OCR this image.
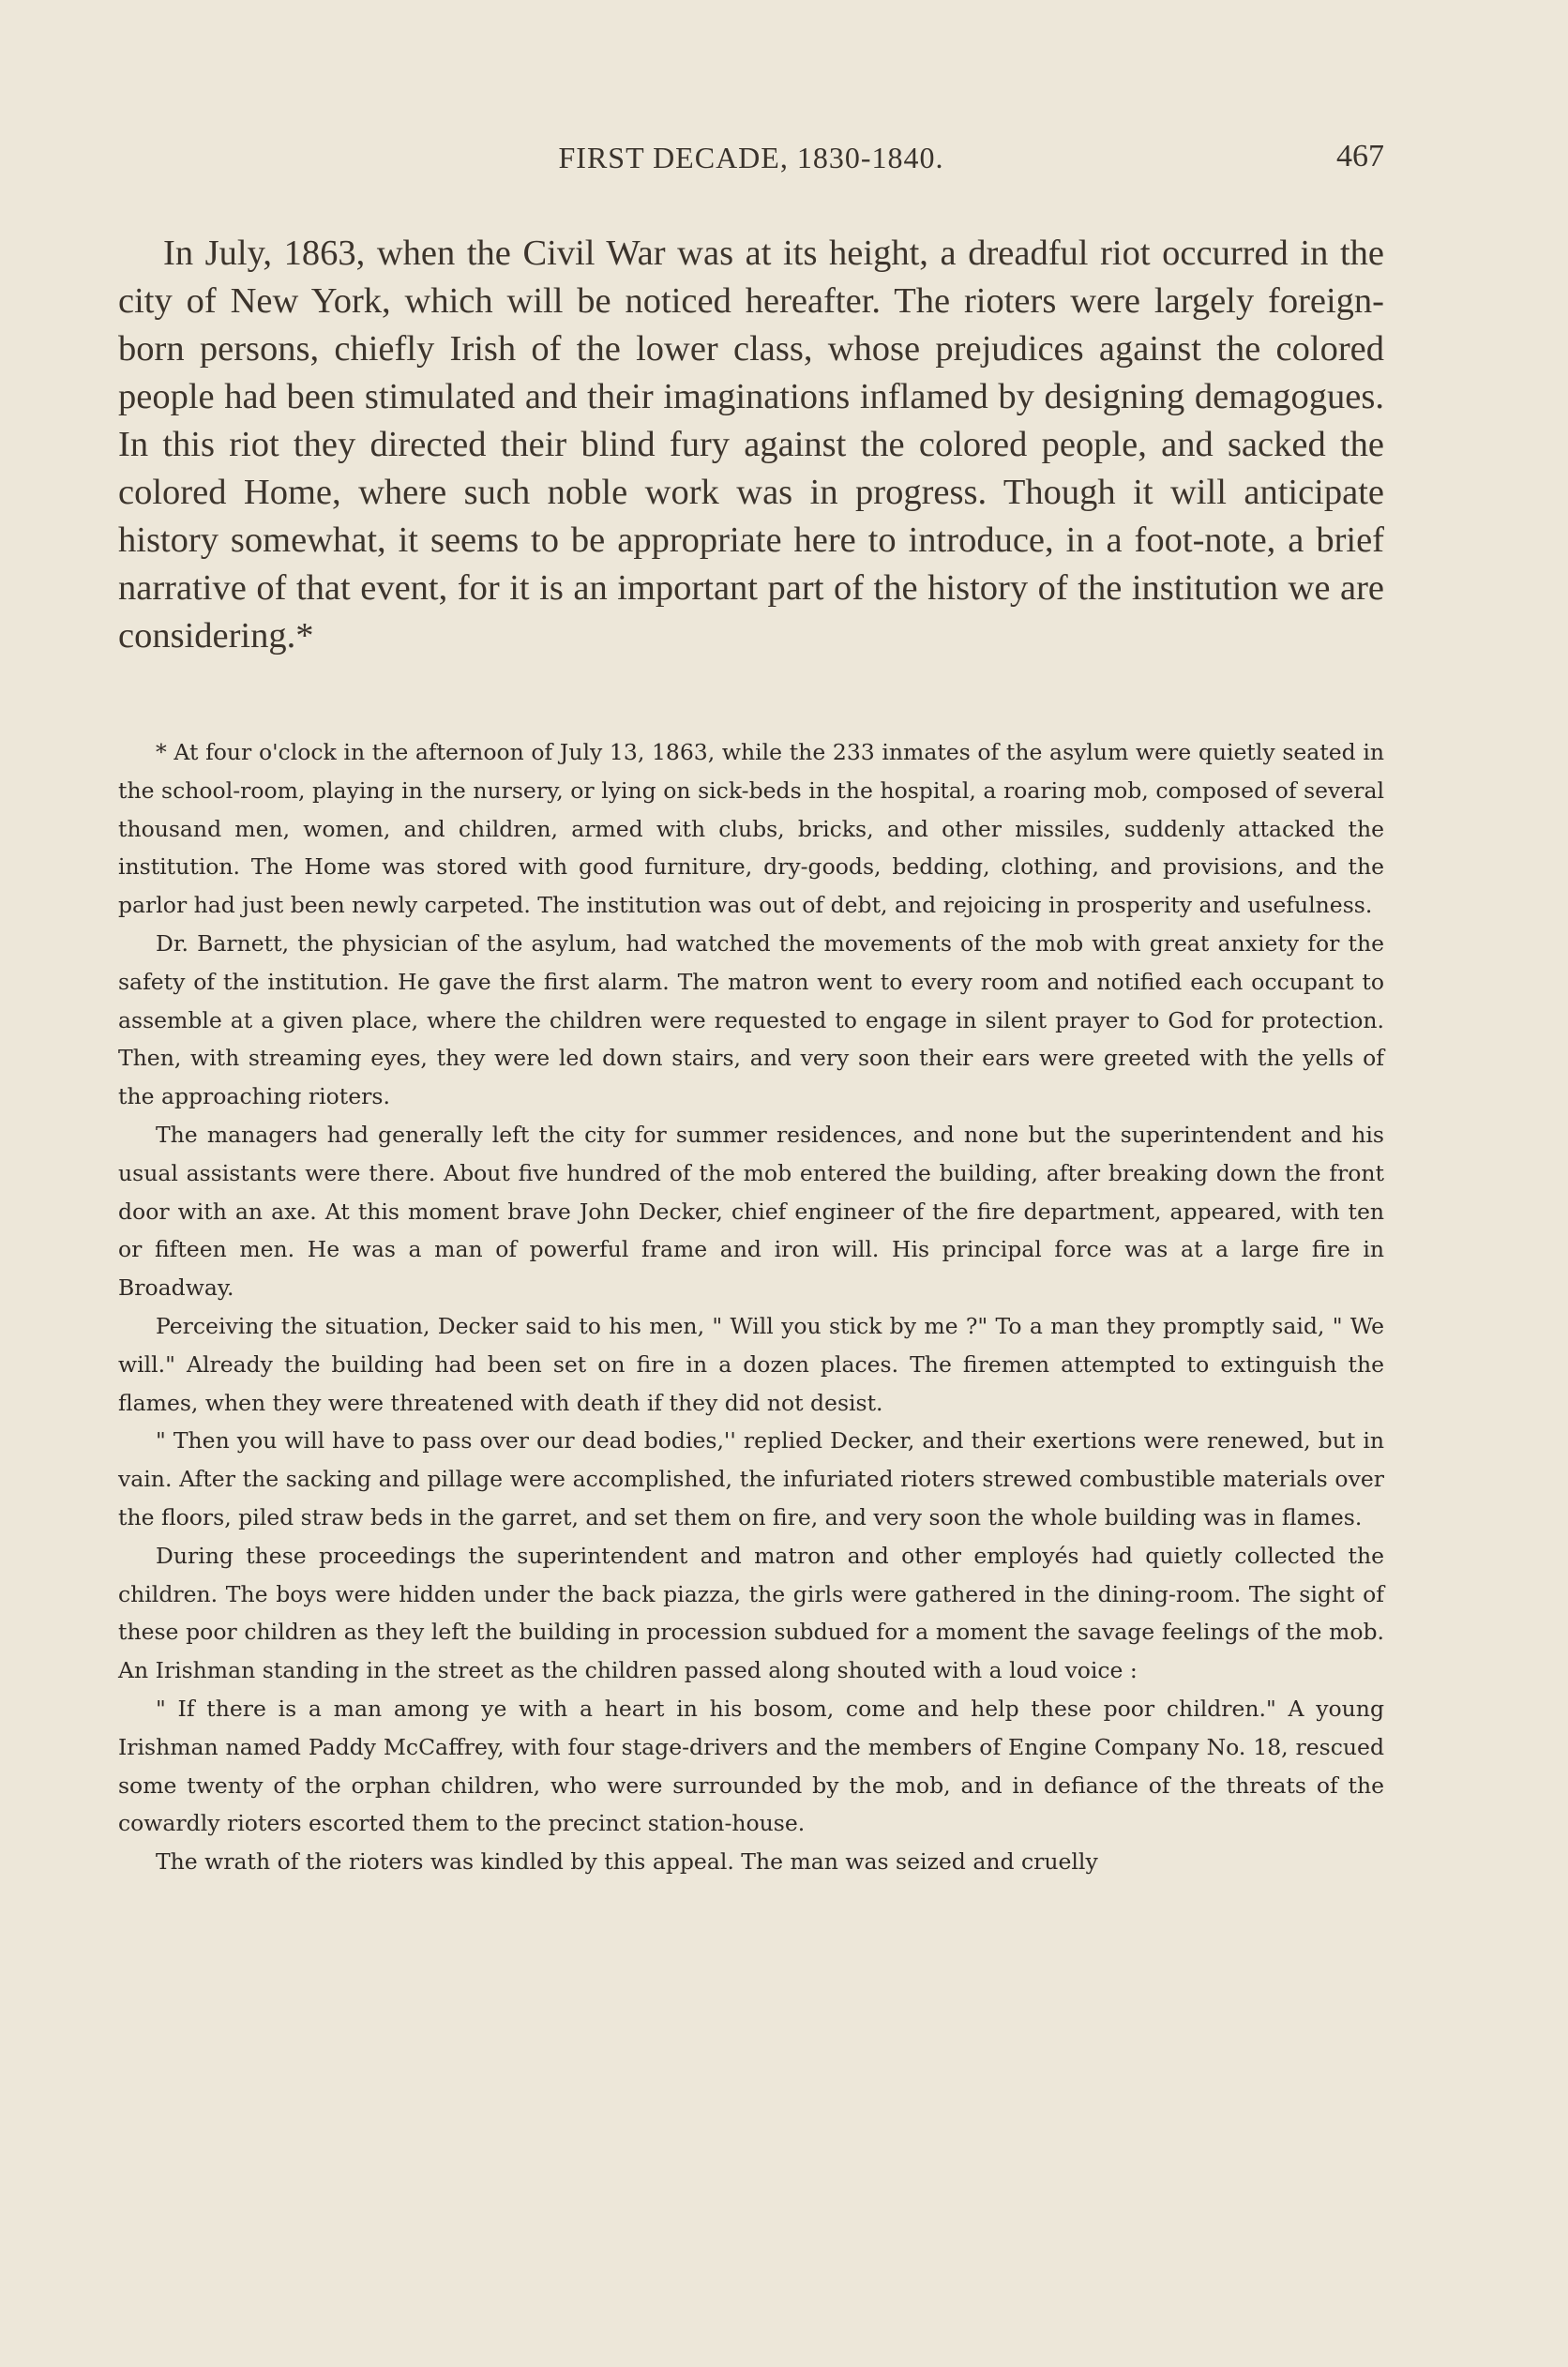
FIRST DECADE, 1830-1840.	467

In July, 1863, when the Civil War was at its height, a dreadful riot occurred in the city of New York, which will be noticed hereafter. The rioters were largely foreign-born persons, chiefly Irish of the lower class, whose prejudices against the colored people had been stimulated and their imaginations inflamed by designing demagogues. In this riot they directed their blind fury against the colored people, and sacked the colored Home, where such noble work was in progress. Though it will anticipate history somewhat, it seems to be appropriate here to introduce, in a foot-note, a brief narrative of that event, for it is an important part of the history of the institution we are considering.*

* At four o'clock in the afternoon of July 13, 1863, while the 233 inmates of the asylum were quietly seated in the school-room, playing in the nursery, or lying on sick-beds in the hospital, a roaring mob, composed of several thousand men, women, and children, armed with clubs, bricks, and other missiles, suddenly attacked the institution. The Home was stored with good furniture, dry-goods, bedding, clothing, and provisions, and the parlor had just been newly carpeted. The institution was out of debt, and rejoicing in prosperity and usefulness.

Dr. Barnett, the physician of the asylum, had watched the movements of the mob with great anxiety for the safety of the institution. He gave the first alarm. The matron went to every room and notified each occupant to assemble at a given place, where the children were requested to engage in silent prayer to God for protection. Then, with streaming eyes, they were led down stairs, and very soon their ears were greeted with the yells of the approaching rioters.

The managers had generally left the city for summer residences, and none but the superintendent and his usual assistants were there. About five hundred of the mob entered the building, after breaking down the front door with an axe. At this moment brave John Decker, chief engineer of the fire department, appeared, with ten or fifteen men. He was a man of powerful frame and iron will. His principal force was at a large fire in Broadway.

Perceiving the situation, Decker said to his men, " Will you stick by me ?" To a man they promptly said, " We will." Already the building had been set on fire in a dozen places. The firemen attempted to extinguish the flames, when they were threatened with death if they did not desist.

" Then you will have to pass over our dead bodies,'' replied Decker, and their exertions were renewed, but in vain. After the sacking and pillage were accomplished, the infuriated rioters strewed combustible materials over the floors, piled straw beds in the garret, and set them on fire, and very soon the whole building was in flames.

During these proceedings the superintendent and matron and other employés had quietly collected the children. The boys were hidden under the back piazza, the girls were gathered in the dining-room. The sight of these poor children as they left the building in procession subdued for a moment the savage feelings of the mob. An Irishman standing in the street as the children passed along shouted with a loud voice :

" If there is a man among ye with a heart in his bosom, come and help these poor children." A young Irishman named Paddy McCaffrey, with four stage-drivers and the members of Engine Company No. 18, rescued some twenty of the orphan children, who were surrounded by the mob, and in defiance of the threats of the cowardly rioters escorted them to the precinct station-house.

The wrath of the rioters was kindled by this appeal. The man was seized and cruelly
